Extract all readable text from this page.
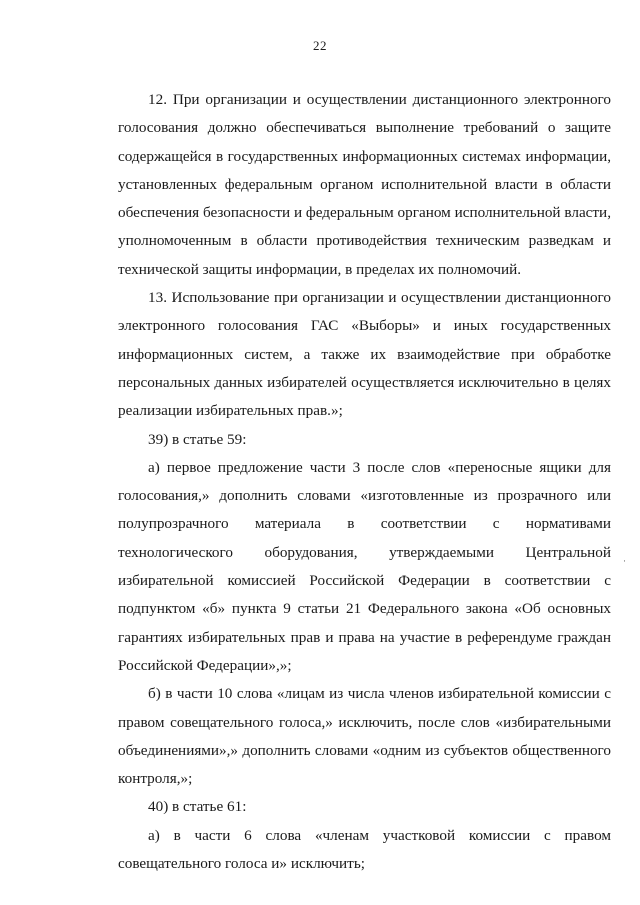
22

12. При организации и осуществлении дистанционного электронного голосования должно обеспечиваться выполнение требований о защите содержащейся в государственных информационных системах информации, установленных федеральным органом исполнительной власти в области обеспечения безопасности и федеральным органом исполнительной власти, уполномоченным в области противодействия техническим разведкам и технической защиты информации, в пределах их полномочий.

13. Использование при организации и осуществлении дистанционного электронного голосования ГАС «Выборы» и иных государственных информационных систем, а также их взаимодействие при обработке персональных данных избирателей осуществляется исключительно в целях реализации избирательных прав.»;

39) в статье 59:

а) первое предложение части 3 после слов «переносные ящики для голосования,» дополнить словами «изготовленные из прозрачного или полупрозрачного материала в соответствии с нормативами технологического оборудования, утверждаемыми Центральной избирательной комиссией Российской Федерации в соответствии с подпунктом «б» пункта 9 статьи 21 Федерального закона «Об основных гарантиях избирательных прав и права на участие в референдуме граждан Российской Федерации»,»;

б) в части 10 слова «лицам из числа членов избирательной комиссии с правом совещательного голоса,» исключить, после слов «избирательными объединениями»,» дополнить словами «одним из субъектов общественного контроля,»;

40) в статье 61:

а) в части 6 слова «членам участковой комиссии с правом совещательного голоса и» исключить;

·
